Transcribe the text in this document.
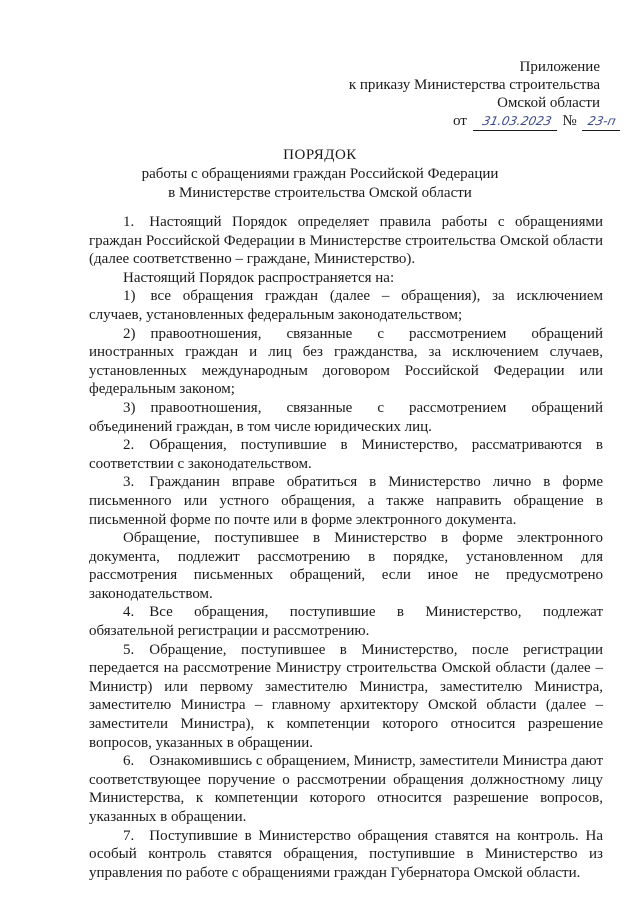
Приложение
к приказу Министерства строительства
Омской области
от 31.03.2023 № 23-п
ПОРЯДОК
работы с обращениями граждан Российской Федерации
в Министерстве строительства Омской области

1. Настоящий Порядок определяет правила работы с обращениями граждан Российской Федерации в Министерстве строительства Омской области (далее соответственно – граждане, Министерство).

Настоящий Порядок распространяется на:

1) все обращения граждан (далее – обращения), за исключением случаев, установленных федеральным законодательством;

2) правоотношения, связанные с рассмотрением обращений иностранных граждан и лиц без гражданства, за исключением случаев, установленных международным договором Российской Федерации или федеральным законом;

3) правоотношения, связанные с рассмотрением обращений объединений граждан, в том числе юридических лиц.

2. Обращения, поступившие в Министерство, рассматриваются в соответствии с законодательством.

3. Гражданин вправе обратиться в Министерство лично в форме письменного или устного обращения, а также направить обращение в письменной форме по почте или в форме электронного документа.

Обращение, поступившее в Министерство в форме электронного документа, подлежит рассмотрению в порядке, установленном для рассмотрения письменных обращений, если иное не предусмотрено законодательством.

4. Все обращения, поступившие в Министерство, подлежат обязательной регистрации и рассмотрению.

5. Обращение, поступившее в Министерство, после регистрации передается на рассмотрение Министру строительства Омской области (далее – Министр) или первому заместителю Министра, заместителю Министра, заместителю Министра – главному архитектору Омской области (далее – заместители Министра), к компетенции которого относится разрешение вопросов, указанных в обращении.

6. Ознакомившись с обращением, Министр, заместители Министра дают соответствующее поручение о рассмотрении обращения должностному лицу Министерства, к компетенции которого относится разрешение вопросов, указанных в обращении.

7. Поступившие в Министерство обращения ставятся на контроль. На особый контроль ставятся обращения, поступившие в Министерство из управления по работе с обращениями граждан Губернатора Омской области.
